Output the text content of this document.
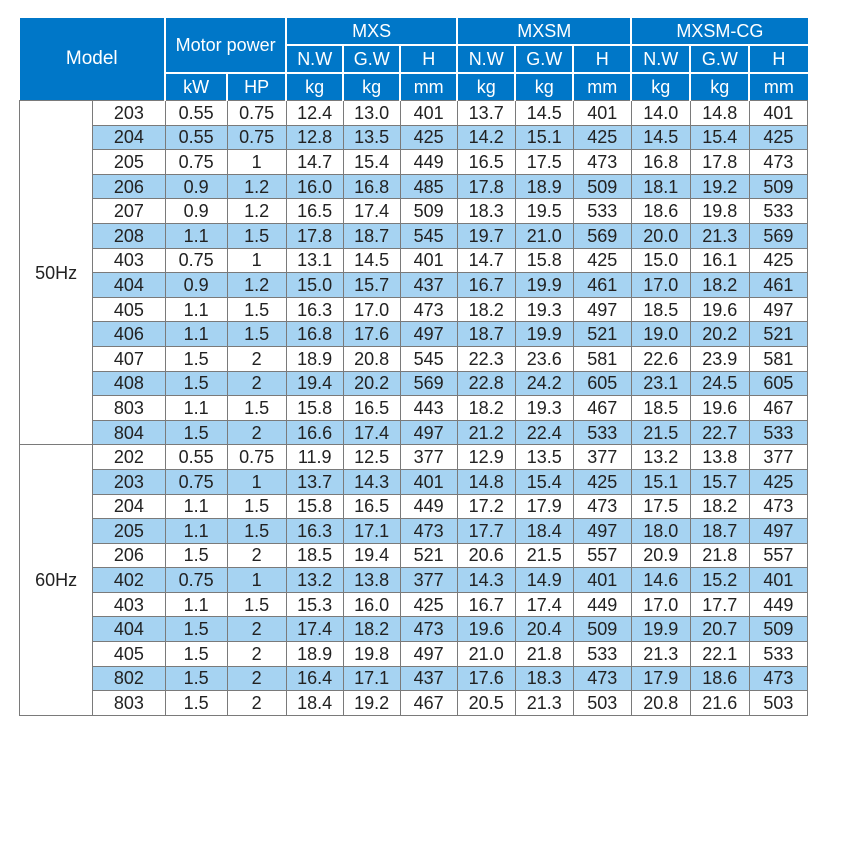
Model		Motor power		MXS			MXSM			MXSM-CG		
				N.W	G.W	H	N.W	G.W	H	N.W	G.W	H
		kW	HP	kg	kg	mm	kg	kg	mm	kg	kg	mm
50Hz	203	0.55	0.75	12.4	13.0	401	13.7	14.5	401	14.0	14.8	401
	204	0.55	0.75	12.8	13.5	425	14.2	15.1	425	14.5	15.4	425
	205	0.75	1	14.7	15.4	449	16.5	17.5	473	16.8	17.8	473
	206	0.9	1.2	16.0	16.8	485	17.8	18.9	509	18.1	19.2	509
	207	0.9	1.2	16.5	17.4	509	18.3	19.5	533	18.6	19.8	533
	208	1.1	1.5	17.8	18.7	545	19.7	21.0	569	20.0	21.3	569
	403	0.75	1	13.1	14.5	401	14.7	15.8	425	15.0	16.1	425
	404	0.9	1.2	15.0	15.7	437	16.7	19.9	461	17.0	18.2	461
	405	1.1	1.5	16.3	17.0	473	18.2	19.3	497	18.5	19.6	497
	406	1.1	1.5	16.8	17.6	497	18.7	19.9	521	19.0	20.2	521
	407	1.5	2	18.9	20.8	545	22.3	23.6	581	22.6	23.9	581
	408	1.5	2	19.4	20.2	569	22.8	24.2	605	23.1	24.5	605
	803	1.1	1.5	15.8	16.5	443	18.2	19.3	467	18.5	19.6	467
	804	1.5	2	16.6	17.4	497	21.2	22.4	533	21.5	22.7	533
60Hz	202	0.55	0.75	11.9	12.5	377	12.9	13.5	377	13.2	13.8	377
	203	0.75	1	13.7	14.3	401	14.8	15.4	425	15.1	15.7	425
	204	1.1	1.5	15.8	16.5	449	17.2	17.9	473	17.5	18.2	473
	205	1.1	1.5	16.3	17.1	473	17.7	18.4	497	18.0	18.7	497
	206	1.5	2	18.5	19.4	521	20.6	21.5	557	20.9	21.8	557
	402	0.75	1	13.2	13.8	377	14.3	14.9	401	14.6	15.2	401
	403	1.1	1.5	15.3	16.0	425	16.7	17.4	449	17.0	17.7	449
	404	1.5	2	17.4	18.2	473	19.6	20.4	509	19.9	20.7	509
	405	1.5	2	18.9	19.8	497	21.0	21.8	533	21.3	22.1	533
	802	1.5	2	16.4	17.1	437	17.6	18.3	473	17.9	18.6	473
	803	1.5	2	18.4	19.2	467	20.5	21.3	503	20.8	21.6	503
